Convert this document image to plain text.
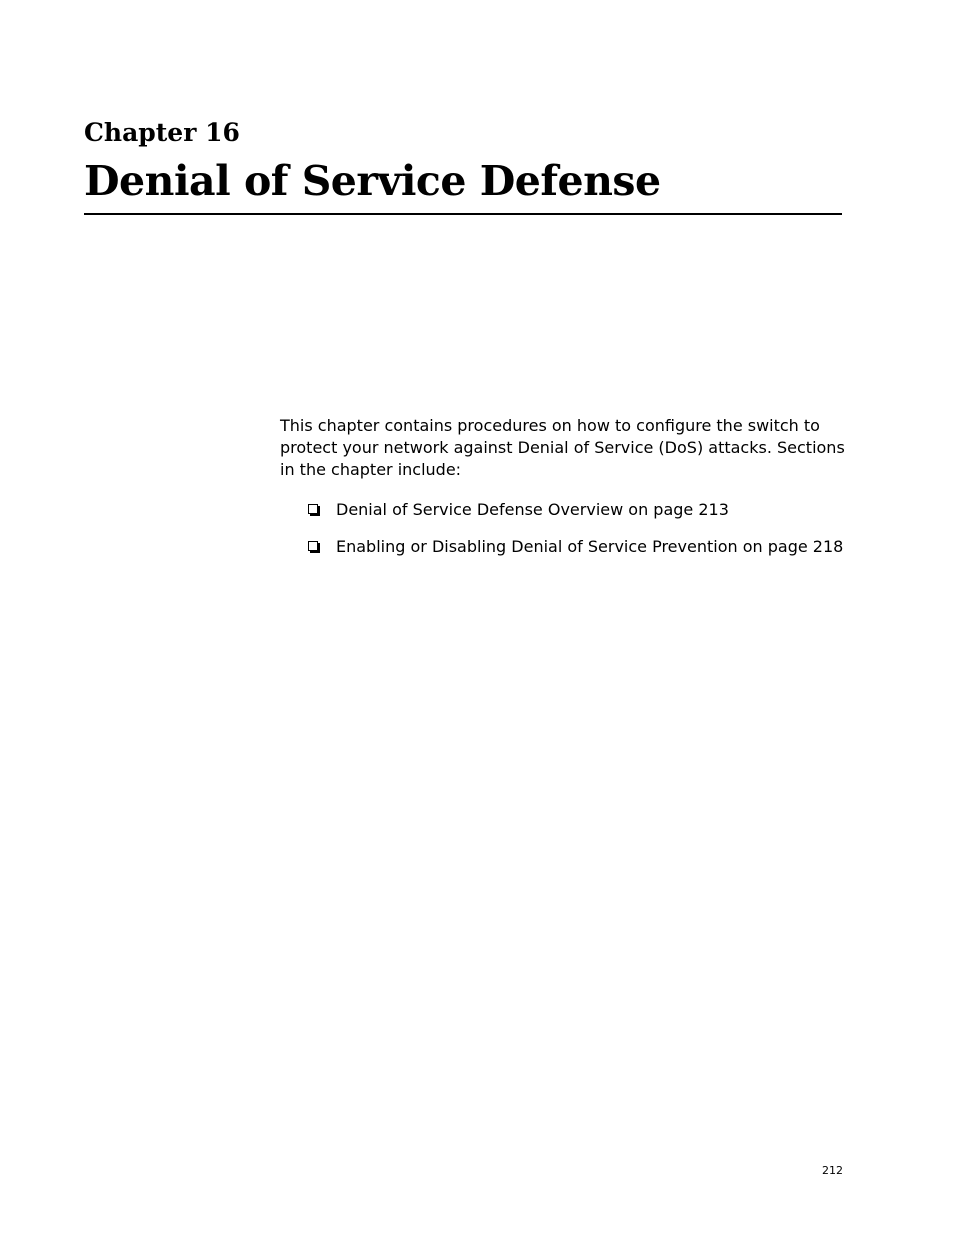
Chapter 16
Denial of Service Defense

This chapter contains procedures on how to configure the switch to protect your network against Denial of Service (DoS) attacks. Sections in the chapter include:

Denial of Service Defense Overview on page 213
Enabling or Disabling Denial of Service Prevention on page 218
212
